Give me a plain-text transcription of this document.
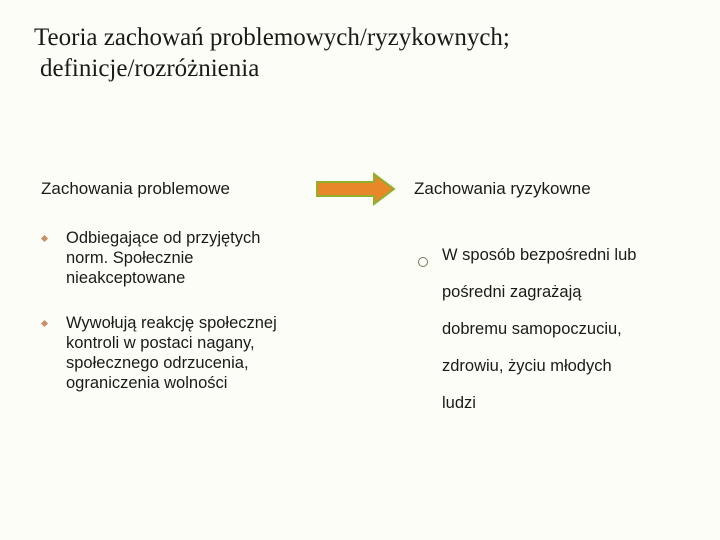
Teoria zachowań problemowych/ryzykownych;
definicje/rozróżnienia
Zachowania problemowe	Zachowania ryzykowne
Odbiegające od przyjętych
norm. Społecznie
nieakceptowane
Wywołują reakcję społecznej
kontroli w postaci nagany,
społecznego odrzucenia,
ograniczenia wolności
W sposób bezpośredni lub
pośredni zagrażają
dobremu samopoczuciu,
zdrowiu, życiu młodych
ludzi
